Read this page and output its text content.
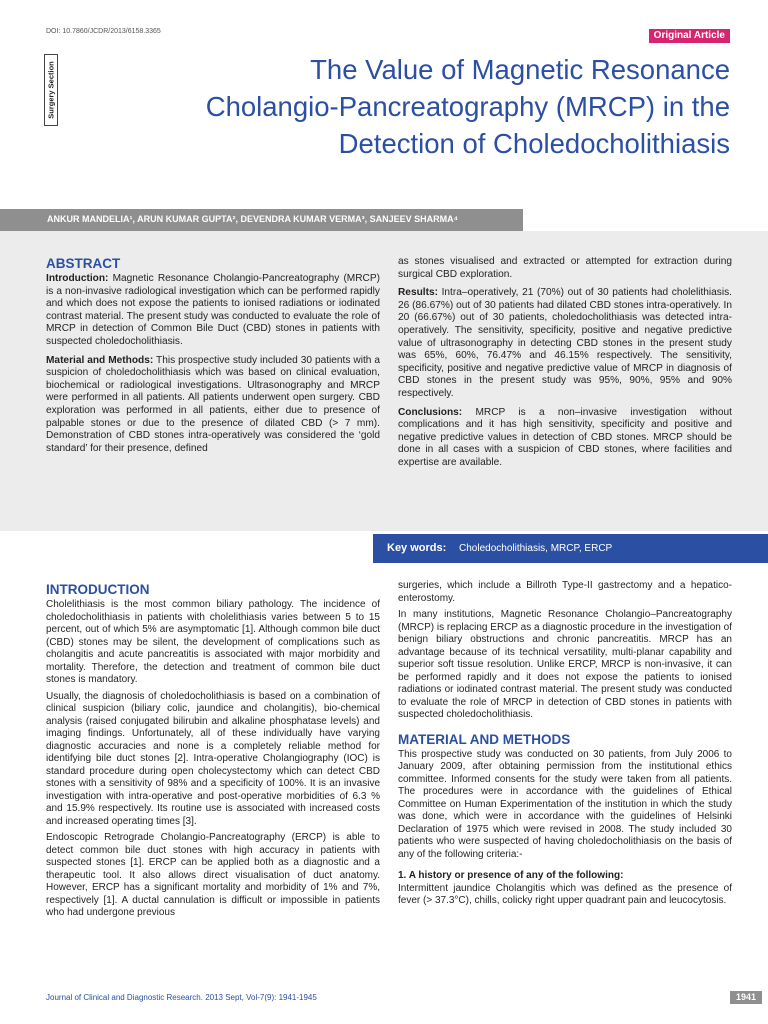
DOI: 10.7860/JCDR/2013/6158.3365	Original Article
Surgery Section	The Value of Magnetic Resonance Cholangio-Pancreatography (MRCP) in the Detection of Choledocholithiasis
ANKUR MANDELIA¹, ARUN KUMAR GUPTA², DEVENDRA KUMAR VERMA³, SANJEEV SHARMA⁴
ABSTRACT

Introduction: Magnetic Resonance Cholangio-Pancreatography (MRCP) is a non-invasive radiological investigation which can be performed rapidly and which does not expose the patients to ionised radiations or iodinated contrast material. The present study was conducted to evaluate the role of MRCP in detection of Common Bile Duct (CBD) stones in patients with suspected choledocholithiasis.

Material and Methods: This prospective study included 30 patients with a suspicion of choledocholithiasis which was based on clinical evaluation, biochemical or radiological investigations. Ultrasonography and MRCP were performed in all patients. All patients underwent open surgery. CBD exploration was performed in all patients, either due to presence of palpable stones or due to the presence of dilated CBD (> 7 mm). Demonstration of CBD stones intra-operatively was considered the ‘gold standard’ for their presence, defined

as stones visualised and extracted or attempted for extraction during surgical CBD exploration.

Results: Intra–operatively, 21 (70%) out of 30 patients had cholelithiasis. 26 (86.67%) out of 30 patients had dilated CBD stones intra-operatively. In 20 (66.67%) out of 30 patients, choledocholithiasis was detected intra-operatively. The sensitivity, specificity, positive and negative predictive value of ultrasonography in detecting CBD stones in the present study was 65%, 60%, 76.47% and 46.15% respectively. The sensitivity, specificity, positive and negative predictive value of MRCP in diagnosis of CBD stones in the present study was 95%, 90%, 95% and 90% respectively.

Conclusions: MRCP is a non–invasive investigation without complications and it has high sensitivity, specificity and positive and negative predictive values in detection of CBD stones. MRCP should be done in all cases with a suspicion of CBD stones, where facilities and expertise are available.

Key words: Choledocholithiasis, MRCP, ERCP
INTRODUCTION

Cholelithiasis is the most common biliary pathology. The incidence of choledocholithiasis in patients with cholelithiasis varies between 5 to 15 percent, out of which 5% are asymptomatic [1]. Although common bile duct (CBD) stones may be silent, the development of complications such as cholangitis and acute pancreatitis is associated with major morbidity and mortality. Therefore, the detection and treatment of common bile duct stones is mandatory.

Usually, the diagnosis of choledocholithiasis is based on a combination of clinical suspicion (biliary colic, jaundice and cholangitis), bio-chemical analysis (raised conjugated bilirubin and alkaline phosphatase levels) and imaging findings. Unfortunately, all of these individually have varying diagnostic accuracies and none is a completely reliable method for identifying bile duct stones [2]. Intra-operative Cholangiography (IOC) is standard procedure during open cholecystectomy which can detect CBD stones with a sensitivity of 98% and a specificity of 100%. It is an invasive investigation with intra-operative and post-operative morbidities of 6.3 % and 15.9% respectively. Its routine use is associated with increased costs and increased operating times [3].

Endoscopic Retrograde Cholangio-Pancreatography (ERCP) is able to detect common bile duct stones with high accuracy in patients with suspected stones [1]. ERCP can be applied both as a diagnostic and a therapeutic tool. It also allows direct visualisation of duct anatomy. However, ERCP has a significant mortality and morbidity of 1% and 7%, respectively [1]. A ductal cannulation is difficult or impossible in patients who had undergone previous

surgeries, which include a Billroth Type-II gastrectomy and a hepatico-enterostomy.

In many institutions, Magnetic Resonance Cholangio–Pancreatography (MRCP) is replacing ERCP as a diagnostic procedure in the investigation of benign biliary obstructions and chronic pancreatitis. MRCP has an advantage because of its technical versatility, multi-planar capability and superior soft tissue resolution. Unlike ERCP, MRCP is non-invasive, it can be performed rapidly and it does not expose the patients to ionised radiations or iodinated contrast material. The present study was conducted to evaluate the role of MRCP in detection of CBD stones in patients with suspected choledocholithiasis.

MATERIAL AND METHODS

This prospective study was conducted on 30 patients, from July 2006 to January 2009, after obtaining permission from the institutional ethics committee. Informed consents for the study were taken from all patients. The procedures were in accordance with the guidelines of Ethical Committee on Human Experimentation of the institution in which the study was done, which were in accordance with the guidelines of Helsinki Declaration of 1975 which were revised in 2008. The study included 30 patients who were suspected of having choledocholithiasis on the basis of any of the following criteria:-

1. A history or presence of any of the following:

Intermittent jaundice Cholangitis which was defined as the presence of fever (> 37.3°C), chills, colicky right upper quadrant pain and leucocytosis.

Journal of Clinical and Diagnostic Research. 2013 Sept, Vol-7(9): 1941-1945	1941
